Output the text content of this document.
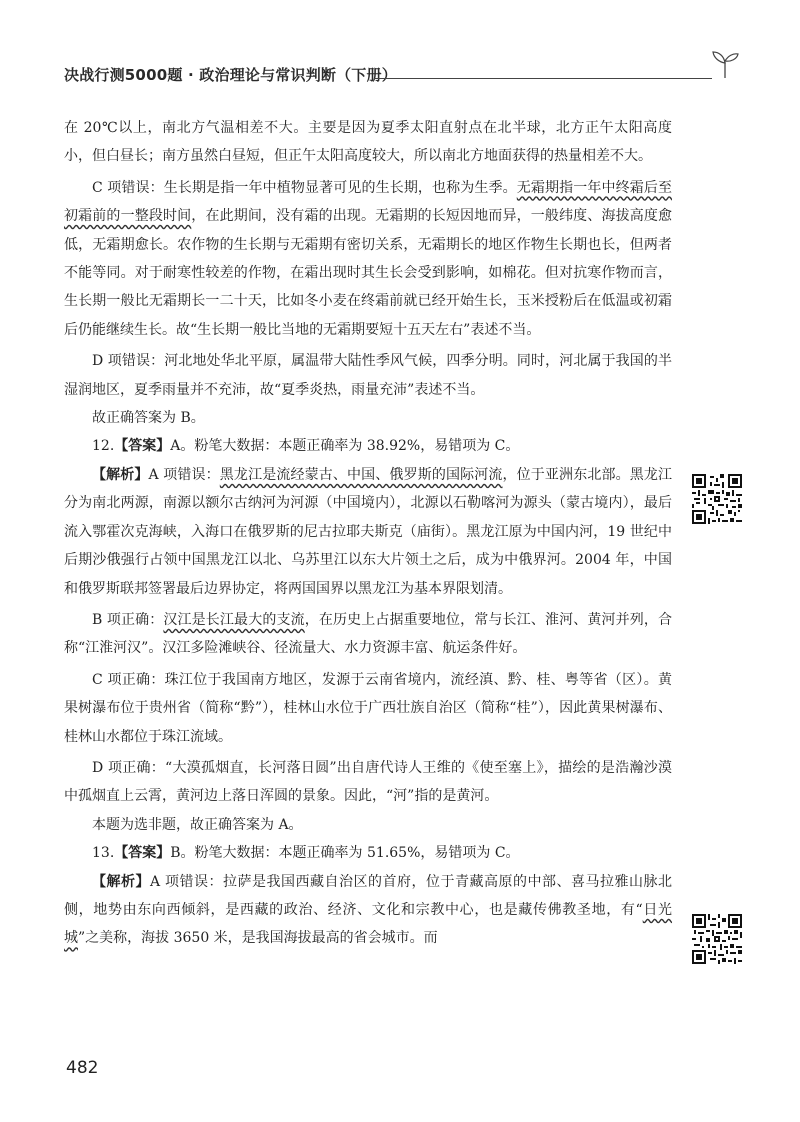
决战行测5000题 · 政治理论与常识判断（下册）

在 20℃以上，南北方气温相差不大。主要是因为夏季太阳直射点在北半球，北方正午太阳高度小，但白昼长；南方虽然白昼短，但正午太阳高度较大，所以南北方地面获得的热量相差不大。

C 项错误：生长期是指一年中植物显著可见的生长期，也称为生季。无霜期指一年中终霜后至初霜前的一整段时间，在此期间，没有霜的出现。无霜期的长短因地而异，一般纬度、海拔高度愈低，无霜期愈长。农作物的生长期与无霜期有密切关系，无霜期长的地区作物生长期也长，但两者不能等同。对于耐寒性较差的作物，在霜出现时其生长会受到影响，如棉花。但对抗寒作物而言，生长期一般比无霜期长一二十天，比如冬小麦在终霜前就已经开始生长，玉米授粉后在低温或初霜后仍能继续生长。故“生长期一般比当地的无霜期要短十五天左右”表述不当。

D 项错误：河北地处华北平原，属温带大陆性季风气候，四季分明。同时，河北属于我国的半湿润地区，夏季雨量并不充沛，故“夏季炎热，雨量充沛”表述不当。

故正确答案为 B。

12.【答案】A。粉笔大数据：本题正确率为 38.92%，易错项为 C。

【解析】A 项错误：黑龙江是流经蒙古、中国、俄罗斯的国际河流，位于亚洲东北部。黑龙江分为南北两源，南源以额尔古纳河为河源（中国境内），北源以石勒喀河为源头（蒙古境内），最后流入鄂霍次克海峡，入海口在俄罗斯的尼古拉耶夫斯克（庙街）。黑龙江原为中国内河，19 世纪中后期沙俄强行占领中国黑龙江以北、乌苏里江以东大片领土之后，成为中俄界河。2004 年，中国和俄罗斯联邦签署最后边界协定，将两国国界以黑龙江为基本界限划清。

B 项正确：汉江是长江最大的支流，在历史上占据重要地位，常与长江、淮河、黄河并列，合称“江淮河汉”。汉江多险滩峡谷、径流量大、水力资源丰富、航运条件好。

C 项正确：珠江位于我国南方地区，发源于云南省境内，流经滇、黔、桂、粤等省（区）。黄果树瀑布位于贵州省（简称“黔”），桂林山水位于广西壮族自治区（简称“桂”），因此黄果树瀑布、桂林山水都位于珠江流域。

D 项正确：“大漠孤烟直，长河落日圆”出自唐代诗人王维的《使至塞上》，描绘的是浩瀚沙漠中孤烟直上云霄，黄河边上落日浑圆的景象。因此，“河”指的是黄河。

本题为选非题，故正确答案为 A。

13.【答案】B。粉笔大数据：本题正确率为 51.65%，易错项为 C。

【解析】A 项错误：拉萨是我国西藏自治区的首府，位于青藏高原的中部、喜马拉雅山脉北侧，地势由东向西倾斜，是西藏的政治、经济、文化和宗教中心，也是藏传佛教圣地，有“日光城”之美称，海拔 3650 米，是我国海拔最高的省会城市。而

482
